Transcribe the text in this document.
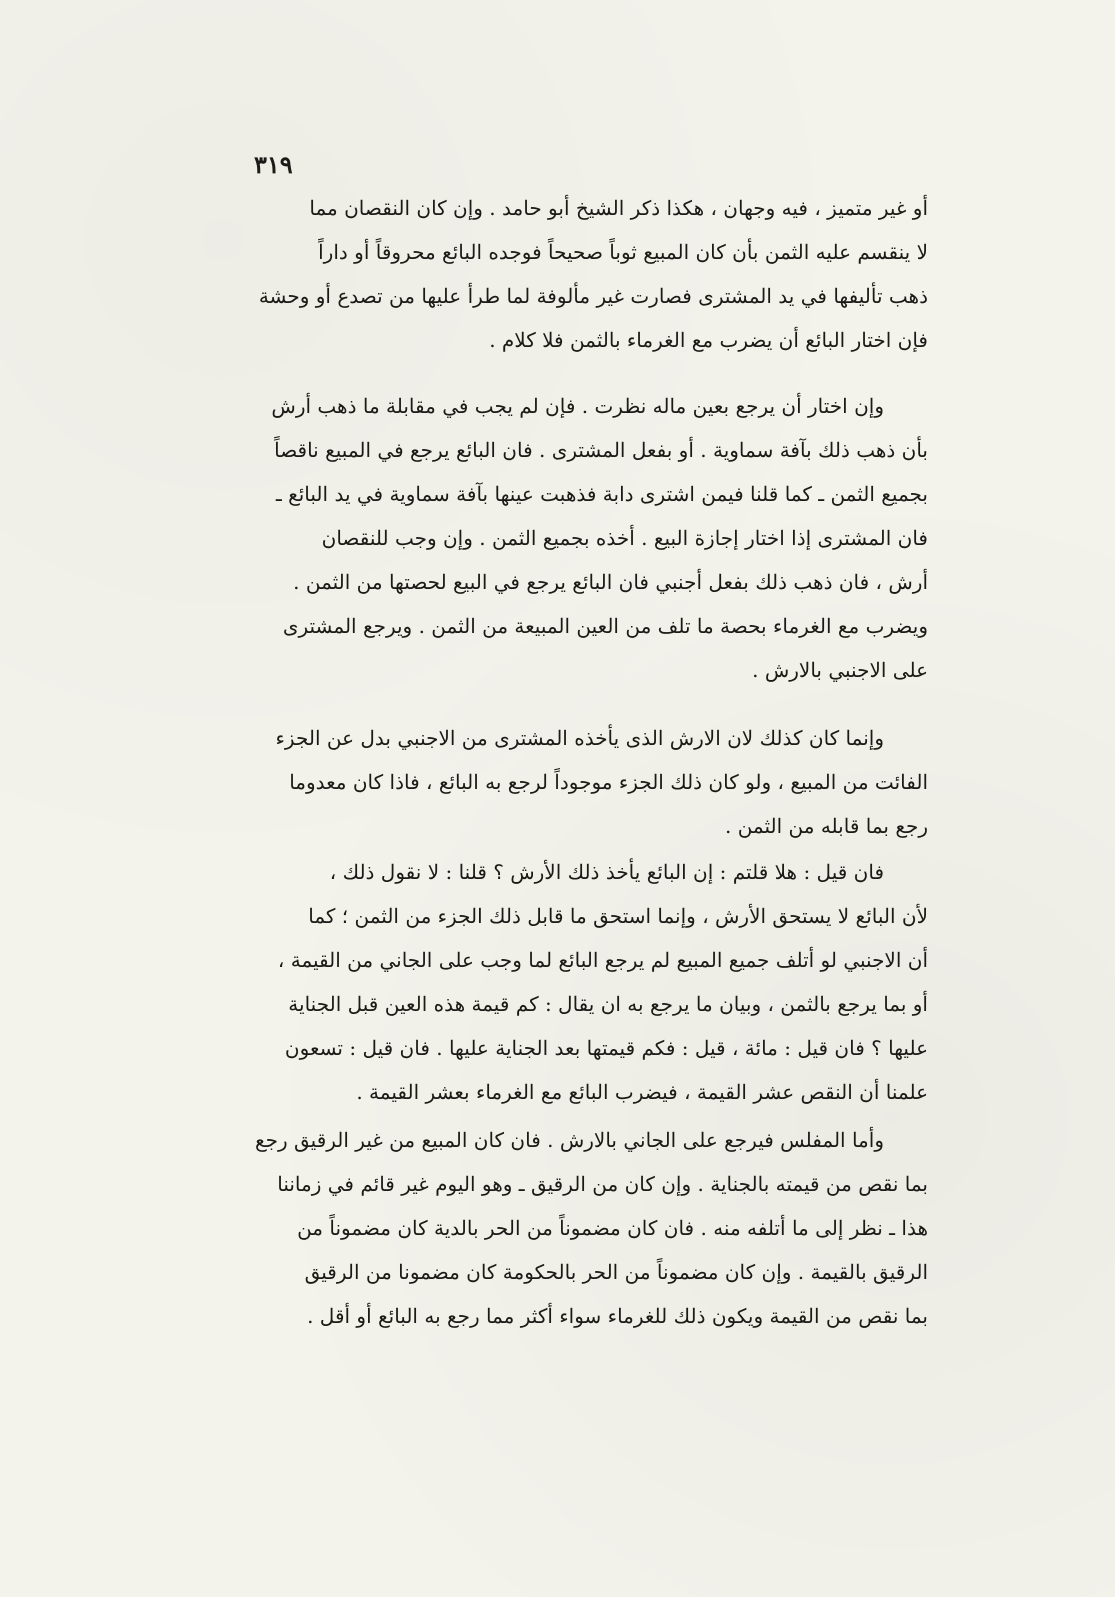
٣١٩
أو غير متميز ، فيه وجهان ، هكذا ذكر الشيخ أبو حامد . وإن كان النقصان مما
لا ينقسم عليه الثمن بأن كان المبيع ثوباً صحيحاً فوجده البائع محروقاً أو داراً
ذهب تأليفها في يد المشترى فصارت غير مألوفة لما طرأ عليها من تصدع أو وحشة
فإن اختار البائع أن يضرب مع الغرماء بالثمن فلا كلام .
وإن اختار أن يرجع بعين ماله نظرت . فإن لم يجب في مقابلة ما ذهب أرش
بأن ذهب ذلك بآفة سماوية . أو بفعل المشترى . فان البائع يرجع في المبيع ناقصاً
بجميع الثمن ـ كما قلنا فيمن اشترى دابة فذهبت عينها بآفة سماوية في يد البائع ـ
فان المشترى إذا اختار إجازة البيع . أخذه بجميع الثمن . وإن وجب للنقصان
أرش ، فان ذهب ذلك بفعل أجنبي فان البائع يرجع في البيع لحصتها من الثمن .
ويضرب مع الغرماء بحصة ما تلف من العين المبيعة من الثمن . ويرجع المشترى
على الاجنبي بالارش .
وإنما كان كذلك لان الارش الذى يأخذه المشترى من الاجنبي بدل عن الجزء
الفائت من المبيع ، ولو كان ذلك الجزء موجوداً لرجع به البائع ، فاذا كان معدوما
رجع بما قابله من الثمن .
فان قيل : هلا قلتم : إن البائع يأخذ ذلك الأرش ؟ قلنا : لا نقول ذلك ،
لأن البائع لا يستحق الأرش ، وإنما استحق ما قابل ذلك الجزء من الثمن ؛ كما
أن الاجنبي لو أتلف جميع المبيع لم يرجع البائع لما وجب على الجاني من القيمة ،
أو بما يرجع بالثمن ، وبيان ما يرجع به ان يقال : كم قيمة هذه العين قبل الجناية
عليها ؟ فان قيل : مائة ، قيل : فكم قيمتها بعد الجناية عليها . فان قيل : تسعون
علمنا أن النقص عشر القيمة ، فيضرب البائع مع الغرماء بعشر القيمة .
وأما المفلس فيرجع على الجاني بالارش . فان كان المبيع من غير الرقيق رجع
بما نقص من قيمته بالجناية . وإن كان من الرقيق ـ وهو اليوم غير قائم في زماننا
هذا ـ نظر إلى ما أتلفه منه . فان كان مضموناً من الحر بالدية كان مضموناً من
الرقيق بالقيمة . وإن كان مضموناً من الحر بالحكومة كان مضمونا من الرقيق
بما نقص من القيمة ويكون ذلك للغرماء سواء أكثر مما رجع به البائع أو أقل .
